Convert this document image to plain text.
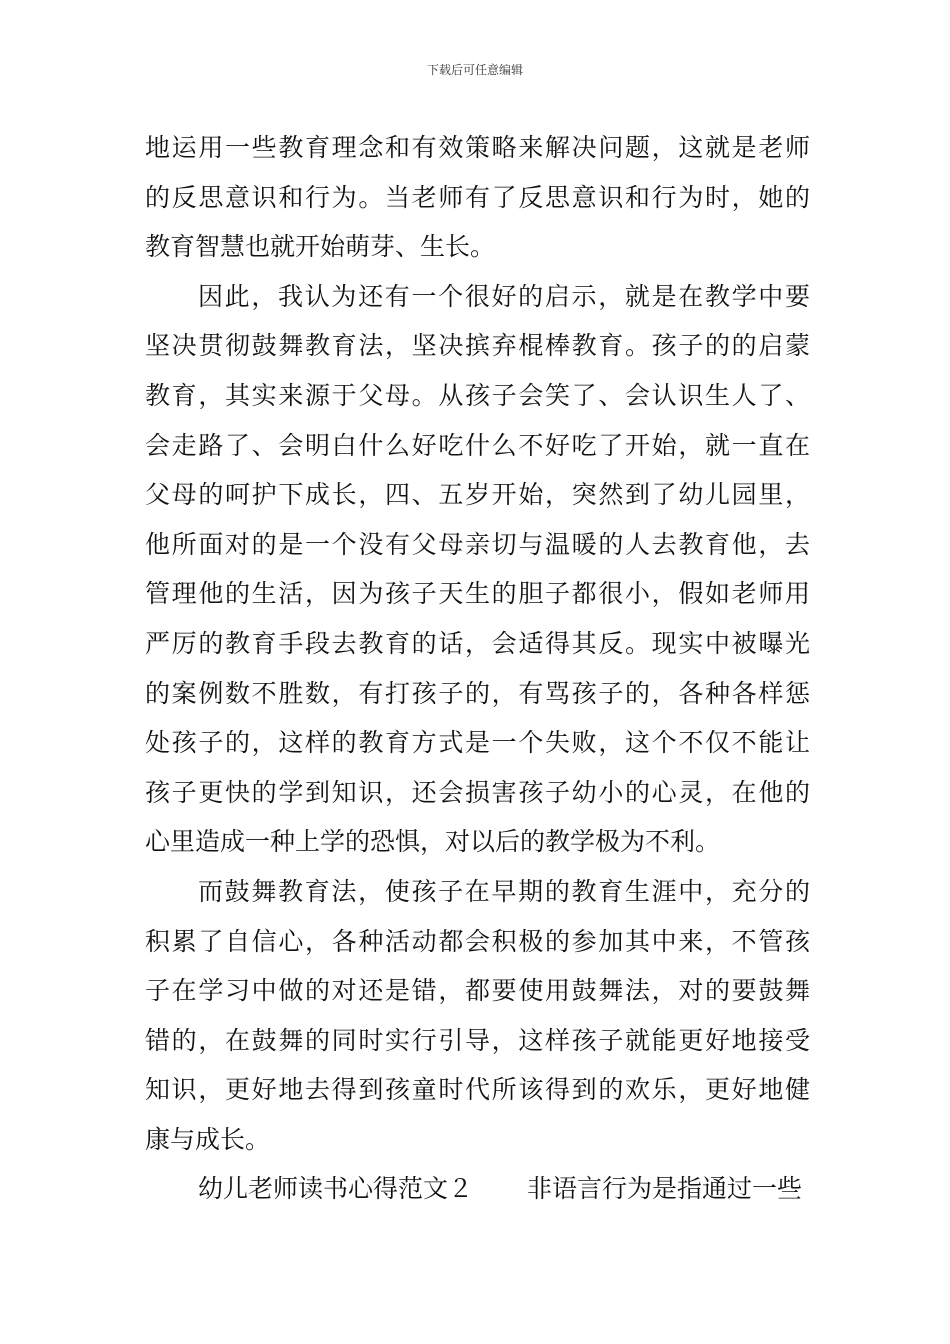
下载后可任意编辑
地运用一些教育理念和有效策略来解决问题，这就是老师
的反思意识和行为。当老师有了反思意识和行为时，她的
教育智慧也就开始萌芽、生长。
因此，我认为还有一个很好的启示，就是在教学中要
坚决贯彻鼓舞教育法，坚决摈弃棍棒教育。孩子的的启蒙
教育，其实来源于父母。从孩子会笑了、会认识生人了、
会走路了、会明白什么好吃什么不好吃了开始，就一直在
父母的呵护下成长，四、五岁开始，突然到了幼儿园里，
他所面对的是一个没有父母亲切与温暖的人去教育他，去
管理他的生活，因为孩子天生的胆子都很小，假如老师用
严厉的教育手段去教育的话，会适得其反。现实中被曝光
的案例数不胜数，有打孩子的，有骂孩子的，各种各样惩
处孩子的，这样的教育方式是一个失败，这个不仅不能让
孩子更快的学到知识，还会损害孩子幼小的心灵，在他的
心里造成一种上学的恐惧，对以后的教学极为不利。
而鼓舞教育法，使孩子在早期的教育生涯中，充分的
积累了自信心，各种活动都会积极的参加其中来，不管孩
子在学习中做的对还是错，都要使用鼓舞法，对的要鼓舞
错的，在鼓舞的同时实行引导，这样孩子就能更好地接受
知识，更好地去得到孩童时代所该得到的欢乐，更好地健
康与成长。
幼儿老师读书心得范文２ 非语言行为是指通过一些
